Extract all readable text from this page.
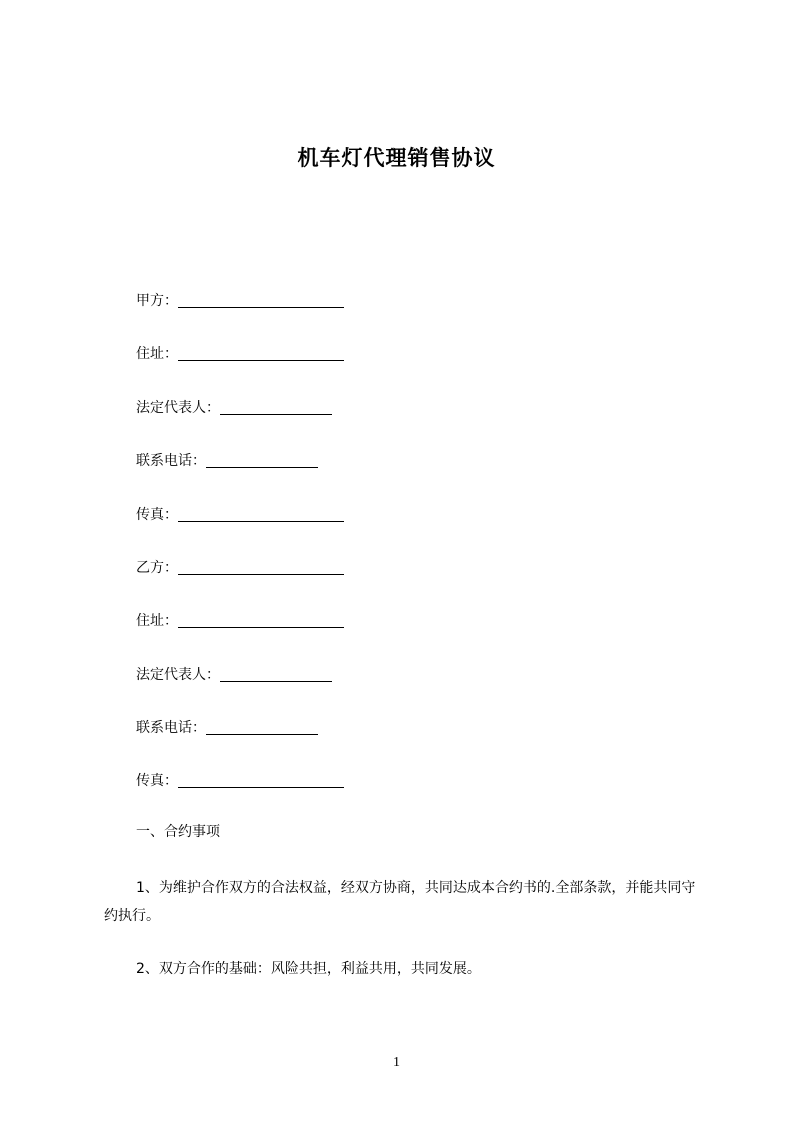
机车灯代理销售协议
甲方：
住址：
法定代表人：
联系电话：
传真：
乙方：
住址：
法定代表人：
联系电话：
传真：
一、合约事项
1、为维护合作双方的合法权益，经双方协商，共同达成本合约书的.全部条款，并能共同守约执行。
2、双方合作的基础：风险共担，利益共用，共同发展。
1
